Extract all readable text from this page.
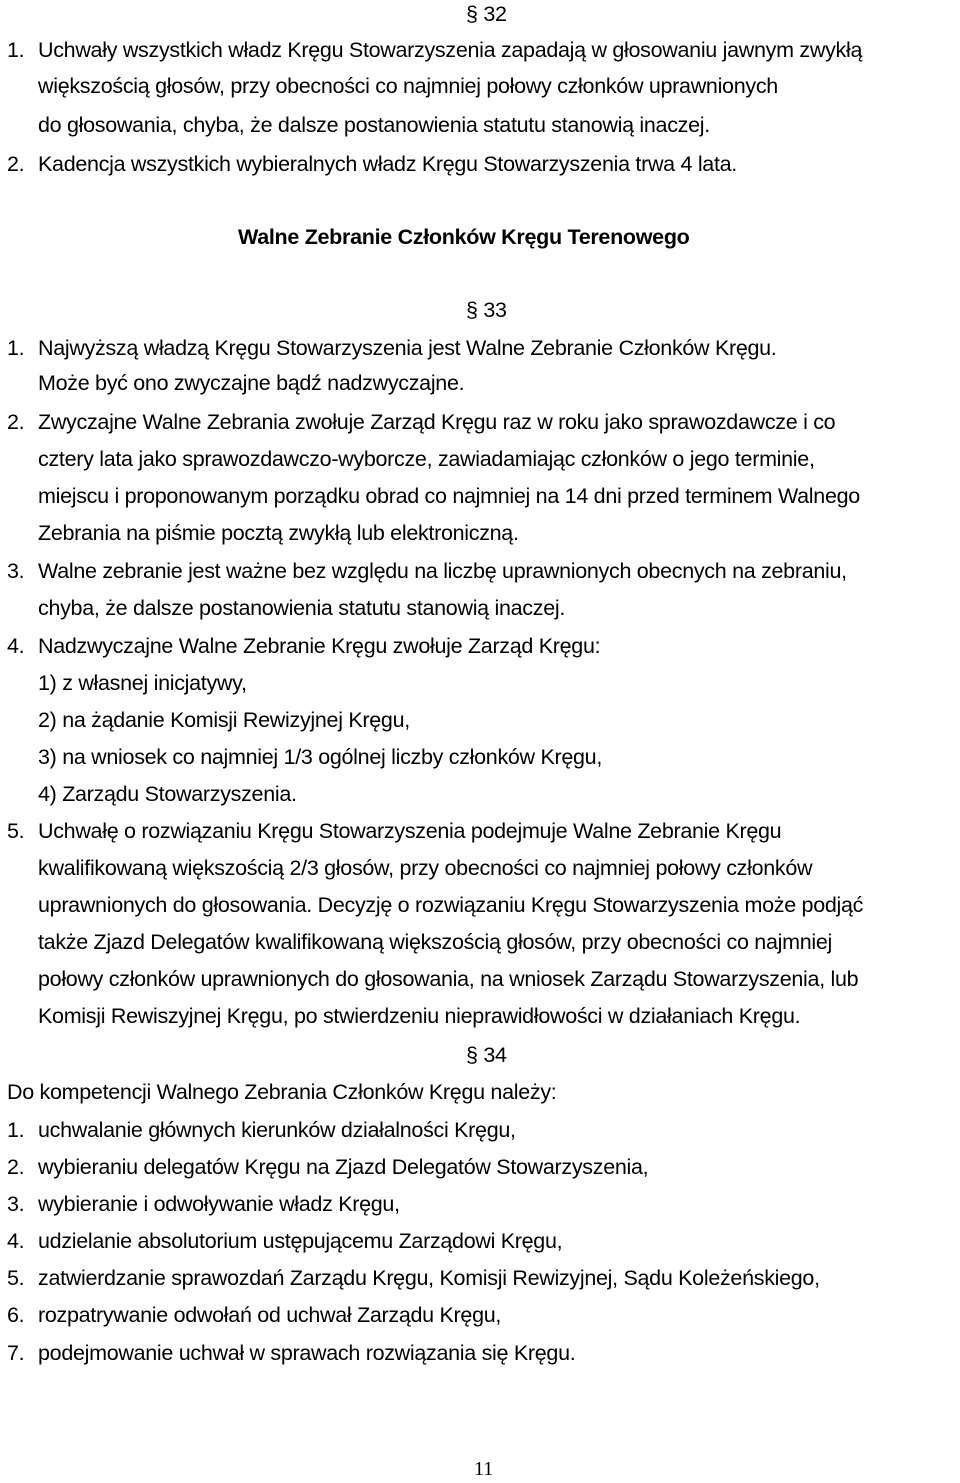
§ 32
1. Uchwały wszystkich władz Kręgu Stowarzyszenia zapadają w głosowaniu jawnym zwykłą
większością głosów, przy obecności co najmniej połowy członków uprawnionych
do głosowania, chyba, że dalsze postanowienia statutu stanowią inaczej.
2. Kadencja wszystkich wybieralnych władz Kręgu Stowarzyszenia trwa 4 lata.
Walne Zebranie Członków Kręgu Terenowego
§ 33
1. Najwyższą władzą Kręgu Stowarzyszenia jest Walne Zebranie Członków Kręgu.
Może być ono zwyczajne bądź nadzwyczajne.
2. Zwyczajne Walne Zebrania zwołuje Zarząd Kręgu raz w roku jako sprawozdawcze i co
cztery lata jako sprawozdawczo-wyborcze, zawiadamiając członków o jego terminie,
miejscu i proponowanym porządku obrad co najmniej na 14 dni przed terminem Walnego
Zebrania na piśmie pocztą zwykłą lub elektroniczną.
3. Walne zebranie jest ważne bez względu na liczbę uprawnionych obecnych na zebraniu,
chyba, że dalsze postanowienia statutu stanowią inaczej.
4. Nadzwyczajne Walne Zebranie Kręgu zwołuje Zarząd Kręgu:
1) z własnej inicjatywy,
2) na żądanie Komisji Rewizyjnej Kręgu,
3) na wniosek co najmniej 1/3 ogólnej liczby członków Kręgu,
4) Zarządu Stowarzyszenia.
5. Uchwałę o rozwiązaniu Kręgu Stowarzyszenia podejmuje Walne Zebranie Kręgu
kwalifikowaną większością 2/3 głosów, przy obecności co najmniej połowy członków
uprawnionych do głosowania. Decyzję o rozwiązaniu Kręgu Stowarzyszenia może podjąć
także Zjazd Delegatów kwalifikowaną większością głosów, przy obecności co najmniej
połowy członków uprawnionych do głosowania, na wniosek Zarządu Stowarzyszenia, lub
Komisji Rewiszyjnej Kręgu, po stwierdzeniu nieprawidłowości w działaniach Kręgu.
§ 34
Do kompetencji Walnego Zebrania Członków Kręgu należy:
1. uchwalanie głównych kierunków działalności Kręgu,
2. wybieraniu delegatów Kręgu na Zjazd Delegatów Stowarzyszenia,
3. wybieranie i odwoływanie władz Kręgu,
4. udzielanie absolutorium ustępującemu Zarządowi Kręgu,
5. zatwierdzanie sprawozdań Zarządu Kręgu, Komisji Rewizyjnej, Sądu Koleżeńskiego,
6. rozpatrywanie odwołań od uchwał Zarządu Kręgu,
7. podejmowanie uchwał w sprawach rozwiązania się Kręgu.
11
